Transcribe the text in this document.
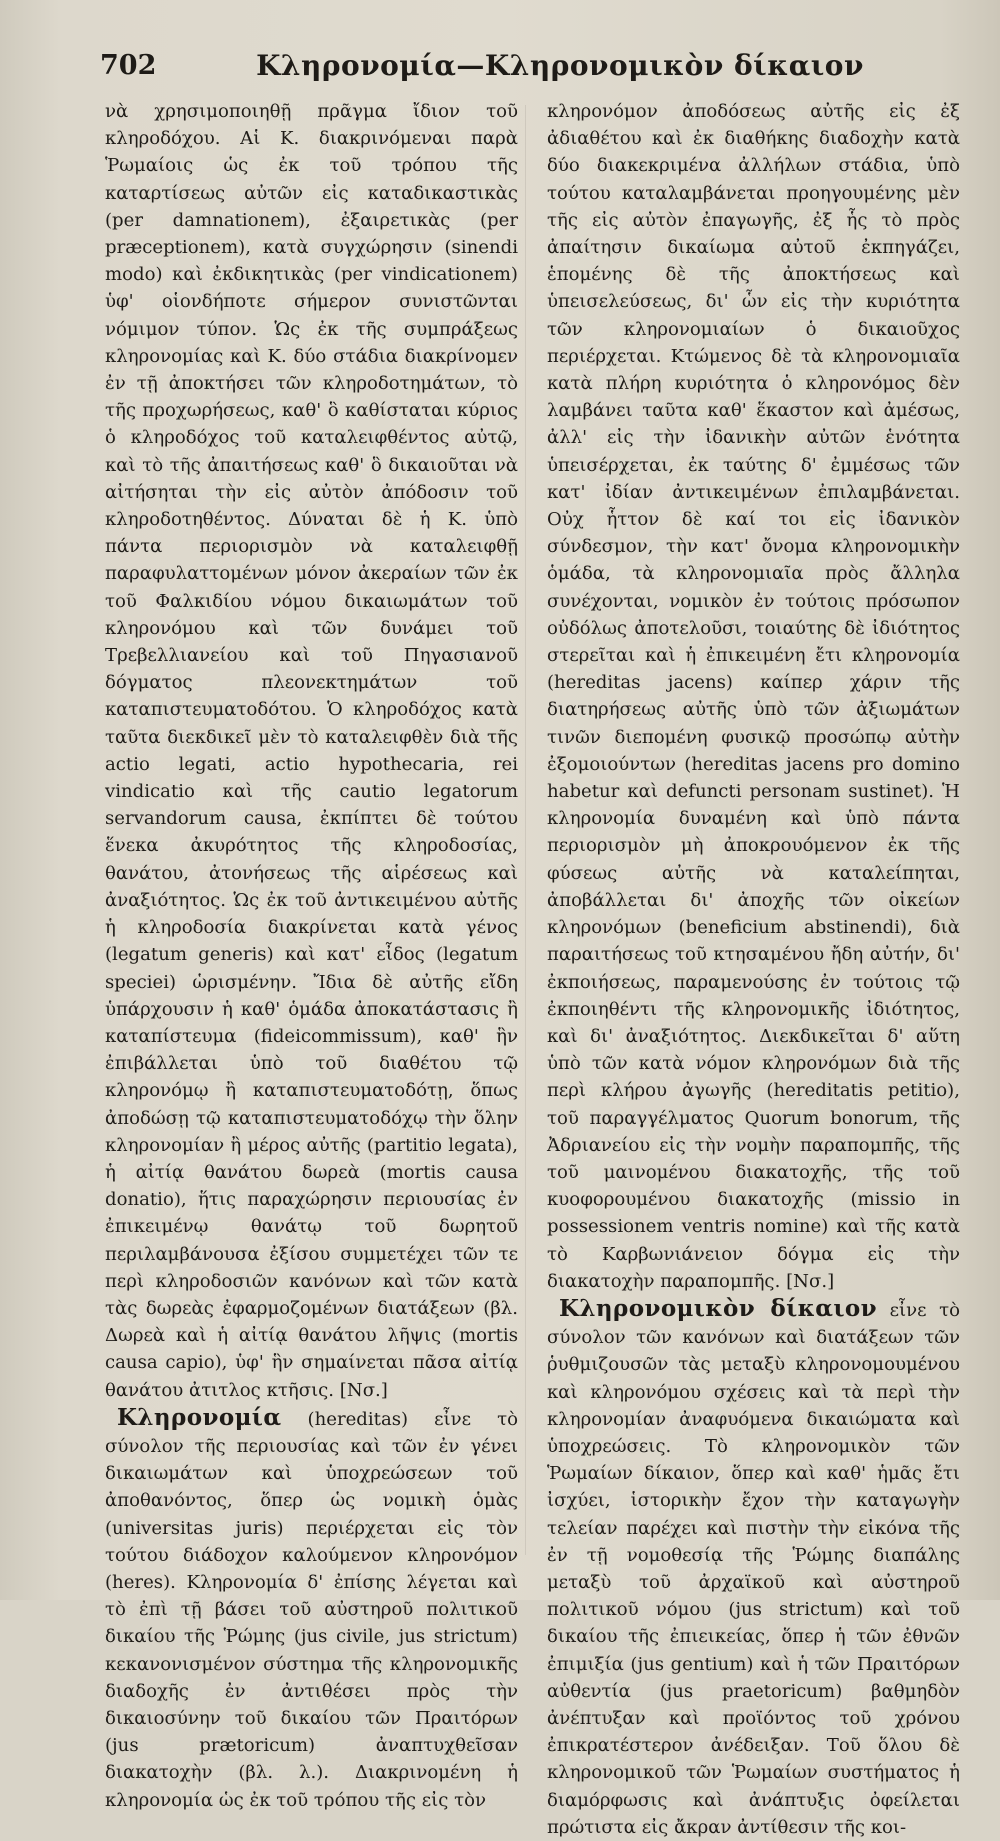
702	Κληρονομία—Κληρονομικὸν δίκαιον

νὰ χρησιμοποιηθῇ πρᾶγμα ἴδιον τοῦ κληροδόχου. Αἱ Κ. διακρινόμεναι παρὰ Ῥωμαίοις ὡς ἐκ τοῦ τρόπου τῆς καταρτίσεως αὐτῶν εἰς καταδικαστικὰς (per damnationem), ἐξαιρετικὰς (per præceptionem), κατὰ συγχώρησιν (sinendi modo) καὶ ἐκδικητικὰς (per vindicationem) ὑφ' οἱονδήποτε σήμερον συνιστῶνται νόμιμον τύπον. Ὡς ἐκ τῆς συμπράξεως κληρονομίας καὶ Κ. δύο στάδια διακρίνομεν ἐν τῇ ἀποκτήσει τῶν κληροδοτημάτων, τὸ τῆς προχωρήσεως, καθ' ὃ καθίσταται κύριος ὁ κληροδόχος τοῦ καταλειφθέντος αὐτῷ, καὶ τὸ τῆς ἀπαιτήσεως καθ' ὃ δικαιοῦται νὰ αἰτήσηται τὴν εἰς αὐτὸν ἀπόδοσιν τοῦ κληροδοτηθέντος. Δύναται δὲ ἡ Κ. ὑπὸ πάντα περιορισμὸν νὰ καταλειφθῇ παραφυλαττομένων μόνον ἀκεραίων τῶν ἐκ τοῦ Φαλκιδίου νόμου δικαιωμάτων τοῦ κληρονόμου καὶ τῶν δυνάμει τοῦ Τρεβελλιανείου καὶ τοῦ Πηγασιανοῦ δόγματος πλεονεκτημάτων τοῦ καταπιστευματοδότου. Ὁ κληροδόχος κατὰ ταῦτα διεκδικεῖ μὲν τὸ καταλειφθὲν διὰ τῆς actio legati, actio hypothecaria, rei vindicatio καὶ τῆς cautio legatorum servandorum causa, ἐκπίπτει δὲ τούτου ἕνεκα ἀκυρότητος τῆς κληροδοσίας, θανάτου, ἀτονήσεως τῆς αἱρέσεως καὶ ἀναξιότητος. Ὡς ἐκ τοῦ ἀντικειμένου αὐτῆς ἡ κληροδοσία διακρίνεται κατὰ γένος (legatum generis) καὶ κατ' εἶδος (legatum speciei) ὡρισμένην. Ἴδια δὲ αὐτῆς εἴδη ὑπάρχουσιν ἡ καθ' ὁμάδα ἀποκατάστασις ἢ καταπίστευμα (fideicommissum), καθ' ἣν ἐπιβάλλεται ὑπὸ τοῦ διαθέτου τῷ κληρονόμῳ ἢ καταπιστευματοδότῃ, ὅπως ἀποδώσῃ τῷ καταπιστευματοδόχῳ τὴν ὅλην κληρονομίαν ἢ μέρος αὐτῆς (partitio legata), ἡ αἰτίᾳ θανάτου δωρεὰ (mortis causa donatio), ἥτις παραχώρησιν περιουσίας ἐν ἐπικειμένῳ θανάτῳ τοῦ δωρητοῦ περιλαμβάνουσα ἐξίσου συμμετέχει τῶν τε περὶ κληροδοσιῶν κανόνων καὶ τῶν κατὰ τὰς δωρεὰς ἐφαρμοζομένων διατάξεων (βλ. Δωρεὰ καὶ ἡ αἰτίᾳ θανάτου λῆψις (mortis causa capio), ὑφ' ἣν σημαίνεται πᾶσα αἰτίᾳ θανάτου ἀτιτλος κτῆσις. [Νσ.]

Κληρονομία (hereditas) εἶνε τὸ σύνολον τῆς περιουσίας καὶ τῶν ἐν γένει δικαιωμάτων καὶ ὑποχρεώσεων τοῦ ἀποθανόντος, ὅπερ ὡς νομικὴ ὁμὰς (universitas juris) περιέρχεται εἰς τὸν τούτου διάδοχον καλούμενον κληρονόμον (heres). Κληρονομία δ' ἐπίσης λέγεται καὶ τὸ ἐπὶ τῇ βάσει τοῦ αὐστηροῦ πολιτικοῦ δικαίου τῆς Ῥώμης (jus civile, jus strictum) κεκανονισμένον σύστημα τῆς κληρονομικῆς διαδοχῆς ἐν ἀντιθέσει πρὸς τὴν δικαιοσύνην τοῦ δικαίου τῶν Πραιτόρων (jus prætoricum) ἀναπτυχθεῖσαν διακατοχὴν (βλ. λ.). Διακρινομένη ἡ κληρονομία ὡς ἐκ τοῦ τρόπου τῆς εἰς τὸν

κληρονόμον ἀποδόσεως αὐτῆς εἰς ἐξ ἀδιαθέτου καὶ ἐκ διαθήκης διαδοχὴν κατὰ δύο διακεκριμένα ἀλλήλων στάδια, ὑπὸ τούτου καταλαμβάνεται προηγουμένης μὲν τῆς εἰς αὐτὸν ἐπαγωγῆς, ἐξ ἧς τὸ πρὸς ἀπαίτησιν δικαίωμα αὐτοῦ ἐκπηγάζει, ἑπομένης δὲ τῆς ἀποκτήσεως καὶ ὑπεισελεύσεως, δι' ὧν εἰς τὴν κυριότητα τῶν κληρονομιαίων ὁ δικαιοῦχος περιέρχεται. Κτώμενος δὲ τὰ κληρονομιαῖα κατὰ πλήρη κυριότητα ὁ κληρονόμος δὲν λαμβάνει ταῦτα καθ' ἕκαστον καὶ ἀμέσως, ἀλλ' εἰς τὴν ἰδανικὴν αὐτῶν ἑνότητα ὑπεισέρχεται, ἐκ ταύτης δ' ἐμμέσως τῶν κατ' ἰδίαν ἀντικειμένων ἐπιλαμβάνεται. Οὐχ ἧττον δὲ καί τοι εἰς ἰδανικὸν σύνδεσμον, τὴν κατ' ὄνομα κληρονομικὴν ὁμάδα, τὰ κληρονομιαῖα πρὸς ἄλληλα συνέχονται, νομικὸν ἐν τούτοις πρόσωπον οὐδόλως ἀποτελοῦσι, τοιαύτης δὲ ἰδιότητος στερεῖται καὶ ἡ ἐπικειμένη ἔτι κληρονομία (hereditas jacens) καίπερ χάριν τῆς διατηρήσεως αὐτῆς ὑπὸ τῶν ἀξιωμάτων τινῶν διεπομένη φυσικῷ προσώπῳ αὐτὴν ἐξομοιούντων (hereditas jacens pro domino habetur καὶ defuncti personam sustinet). Ἡ κληρονομία δυναμένη καὶ ὑπὸ πάντα περιορισμὸν μὴ ἀποκρουόμενον ἐκ τῆς φύσεως αὐτῆς νὰ καταλείπηται, ἀποβάλλεται δι' ἀποχῆς τῶν οἰκείων κληρονόμων (beneficium abstinendi), διὰ παραιτήσεως τοῦ κτησαμένου ἤδη αὐτήν, δι' ἐκποιήσεως, παραμενούσης ἐν τούτοις τῷ ἐκποιηθέντι τῆς κληρονομικῆς ἰδιότητος, καὶ δι' ἀναξιότητος. Διεκδικεῖται δ' αὕτη ὑπὸ τῶν κατὰ νόμον κληρονόμων διὰ τῆς περὶ κλήρου ἀγωγῆς (hereditatis petitio), τοῦ παραγγέλματος Quorum bonorum, τῆς Ἀδριανείου εἰς τὴν νομὴν παραπομπῆς, τῆς τοῦ μαινομένου διακατοχῆς, τῆς τοῦ κυοφορουμένου διακατοχῆς (missio in possessionem ventris nomine) καὶ τῆς κατὰ τὸ Καρβωνιάνειον δόγμα εἰς τὴν διακατοχὴν παραπομπῆς. [Νσ.]

Κληρονομικὸν δίκαιον εἶνε τὸ σύνολον τῶν κανόνων καὶ διατάξεων τῶν ῥυθμιζουσῶν τὰς μεταξὺ κληρονομουμένου καὶ κληρονόμου σχέσεις καὶ τὰ περὶ τὴν κληρονομίαν ἀναφυόμενα δικαιώματα καὶ ὑποχρεώσεις. Τὸ κληρονομικὸν τῶν Ῥωμαίων δίκαιον, ὅπερ καὶ καθ' ἡμᾶς ἔτι ἰσχύει, ἱστορικὴν ἔχον τὴν καταγωγὴν τελείαν παρέχει καὶ πιστὴν τὴν εἰκόνα τῆς ἐν τῇ νομοθεσίᾳ τῆς Ῥώμης διαπάλης μεταξὺ τοῦ ἀρχαϊκοῦ καὶ αὐστηροῦ πολιτικοῦ νόμου (jus strictum) καὶ τοῦ δικαίου τῆς ἐπιεικείας, ὅπερ ἡ τῶν ἐθνῶν ἐπιμιξία (jus gentium) καὶ ἡ τῶν Πραιτόρων αὐθεντία (jus praetoricum) βαθμηδὸν ἀνέπτυξαν καὶ προϊόντος τοῦ χρόνου ἐπικρατέστερον ἀνέδειξαν. Τοῦ ὅλου δὲ κληρονομικοῦ τῶν Ῥωμαίων συστήματος ἡ διαμόρφωσις καὶ ἀνάπτυξις ὀφείλεται πρώτιστα εἰς ἄκραν ἀντίθεσιν τῆς κοι-
